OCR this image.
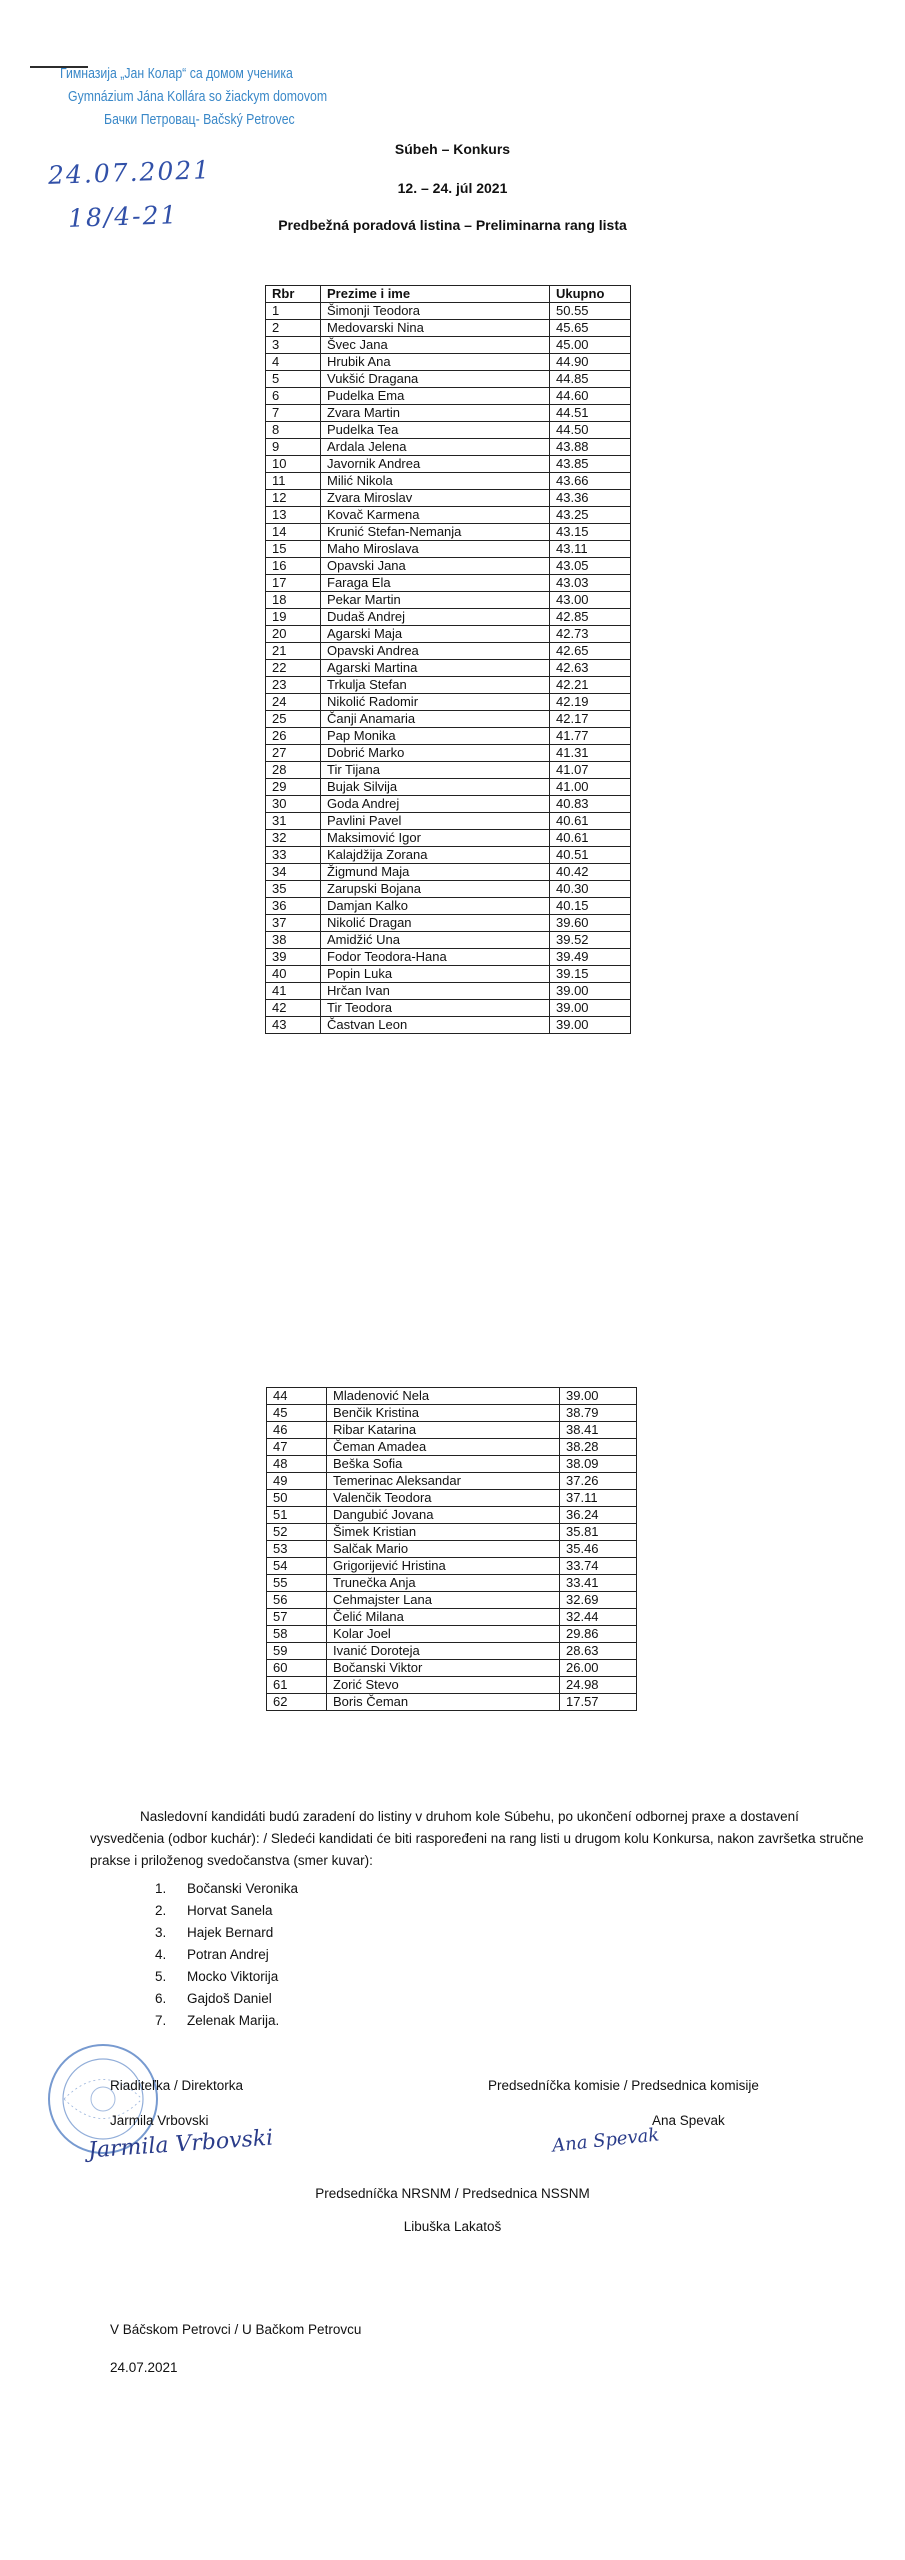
Гимназија „Јан Колар“ са домом ученика
Gymnázium Jána Kollára so žiackym domovom
Бачки Петровац- Bačský Petrovec
24.07.2021
18/4-21
Súbeh – Konkurs
12. – 24. júl 2021
Predbežná poradová listina – Preliminarna rang lista
Rbr	Prezime i ime	Ukupno
1	Šimonji Teodora	50.55
2	Medovarski Nina	45.65
3	Švec Jana	45.00
4	Hrubik Ana	44.90
5	Vukšić Dragana	44.85
6	Pudelka Ema	44.60
7	Zvara Martin	44.51
8	Pudelka Tea	44.50
9	Ardala Jelena	43.88
10	Javornik Andrea	43.85
11	Milić Nikola	43.66
12	Zvara Miroslav	43.36
13	Kovač Karmena	43.25
14	Krunić Stefan-Nemanja	43.15
15	Maho Miroslava	43.11
16	Opavski Jana	43.05
17	Faraga Ela	43.03
18	Pekar Martin	43.00
19	Dudaš Andrej	42.85
20	Agarski Maja	42.73
21	Opavski Andrea	42.65
22	Agarski Martina	42.63
23	Trkulja Stefan	42.21
24	Nikolić Radomir	42.19
25	Čanji Anamaria	42.17
26	Pap Monika	41.77
27	Dobrić Marko	41.31
28	Tir Tijana	41.07
29	Bujak Silvija	41.00
30	Goda Andrej	40.83
31	Pavlini Pavel	40.61
32	Maksimović Igor	40.61
33	Kalajdžija Zorana	40.51
34	Žigmund Maja	40.42
35	Zarupski Bojana	40.30
36	Damjan Kalko	40.15
37	Nikolić Dragan	39.60
38	Amidžić Una	39.52
39	Fodor Teodora-Hana	39.49
40	Popin Luka	39.15
41	Hrčan Ivan	39.00
42	Tir Teodora	39.00
43	Častvan Leon	39.00
44	Mladenović Nela	39.00
45	Benčik Kristina	38.79
46	Ribar Katarina	38.41
47	Čeman Amadea	38.28
48	Beška Sofia	38.09
49	Temerinac Aleksandar	37.26
50	Valenčik Teodora	37.11
51	Dangubić Jovana	36.24
52	Šimek Kristian	35.81
53	Salčak Mario	35.46
54	Grigorijević Hristina	33.74
55	Trunečka Anja	33.41
56	Cehmajster Lana	32.69
57	Čelić Milana	32.44
58	Kolar Joel	29.86
59	Ivanić Doroteja	28.63
60	Bočanski Viktor	26.00
61	Zorić Stevo	24.98
62	Boris Čeman	17.57

Nasledovní kandidáti budú zaradení do listiny v druhom kole Súbehu, po ukončení odbornej praxe a dostavení vysvedčenia (odbor kuchár): / Sledeći kandidati će biti raspoređeni na rang listi u drugom kolu Konkursa, nakon završetka stručne prakse i priloženog svedočanstva (smer kuvar):

1. Bočanski Veronika
2. Horvat Sanela
3. Hajek Bernard
4. Potran Andrej
5. Mocko Viktorija
6. Gajdoš Daniel
7. Zelenak Marija.
Riaditeľka / Direktorka
Jarmila Vrbovski
Jarmila Vrbovski
Predsedníčka komisie / Predsednica komisije
Ana Spevak
Ana Spevak
Predsedníčka NRSNM / Predsednica NSSNM
Libuška Lakatoš
V Báčskom Petrovci / U Bačkom Petrovcu
24.07.2021
